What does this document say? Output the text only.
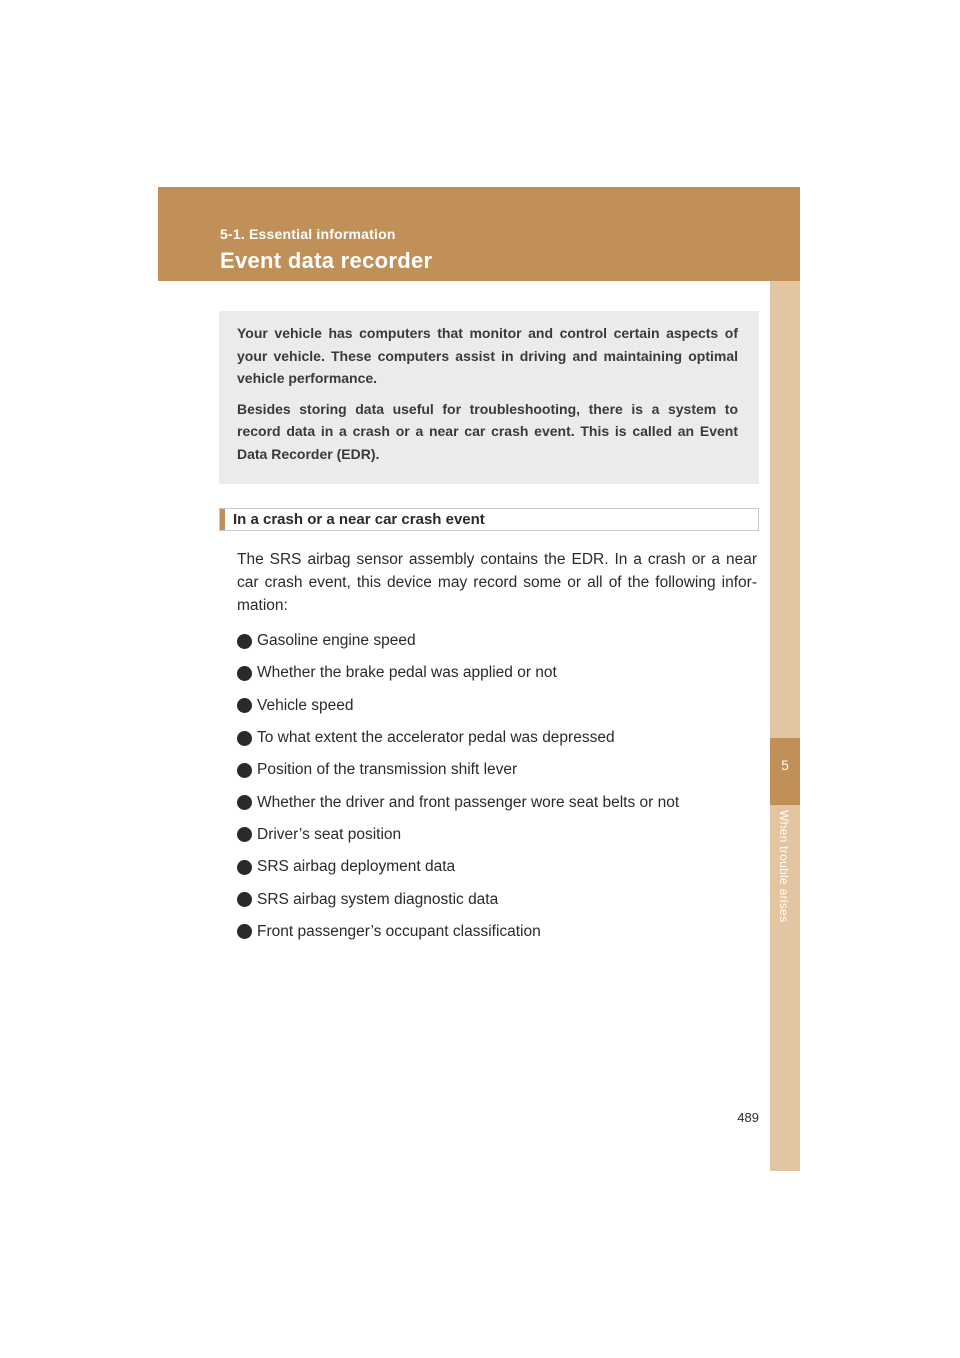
5-1. Essential information
Event data recorder
5
When trouble arises

Your vehicle has computers that monitor and control certain aspects of your vehicle. These computers assist in driving and maintaining optimal vehicle performance.

Besides storing data useful for troubleshooting, there is a system to record data in a crash or a near car crash event. This is called an Event Data Recorder (EDR).

In a crash or a near car crash event

The SRS airbag sensor assembly contains the EDR. In a crash or a near car crash event, this device may record some or all of the following infor-mation:

Gasoline engine speed
Whether the brake pedal was applied or not
Vehicle speed
To what extent the accelerator pedal was depressed
Position of the transmission shift lever
Whether the driver and front passenger wore seat belts or not
Driver’s seat position
SRS airbag deployment data
SRS airbag system diagnostic data
Front passenger’s occupant classification
489
